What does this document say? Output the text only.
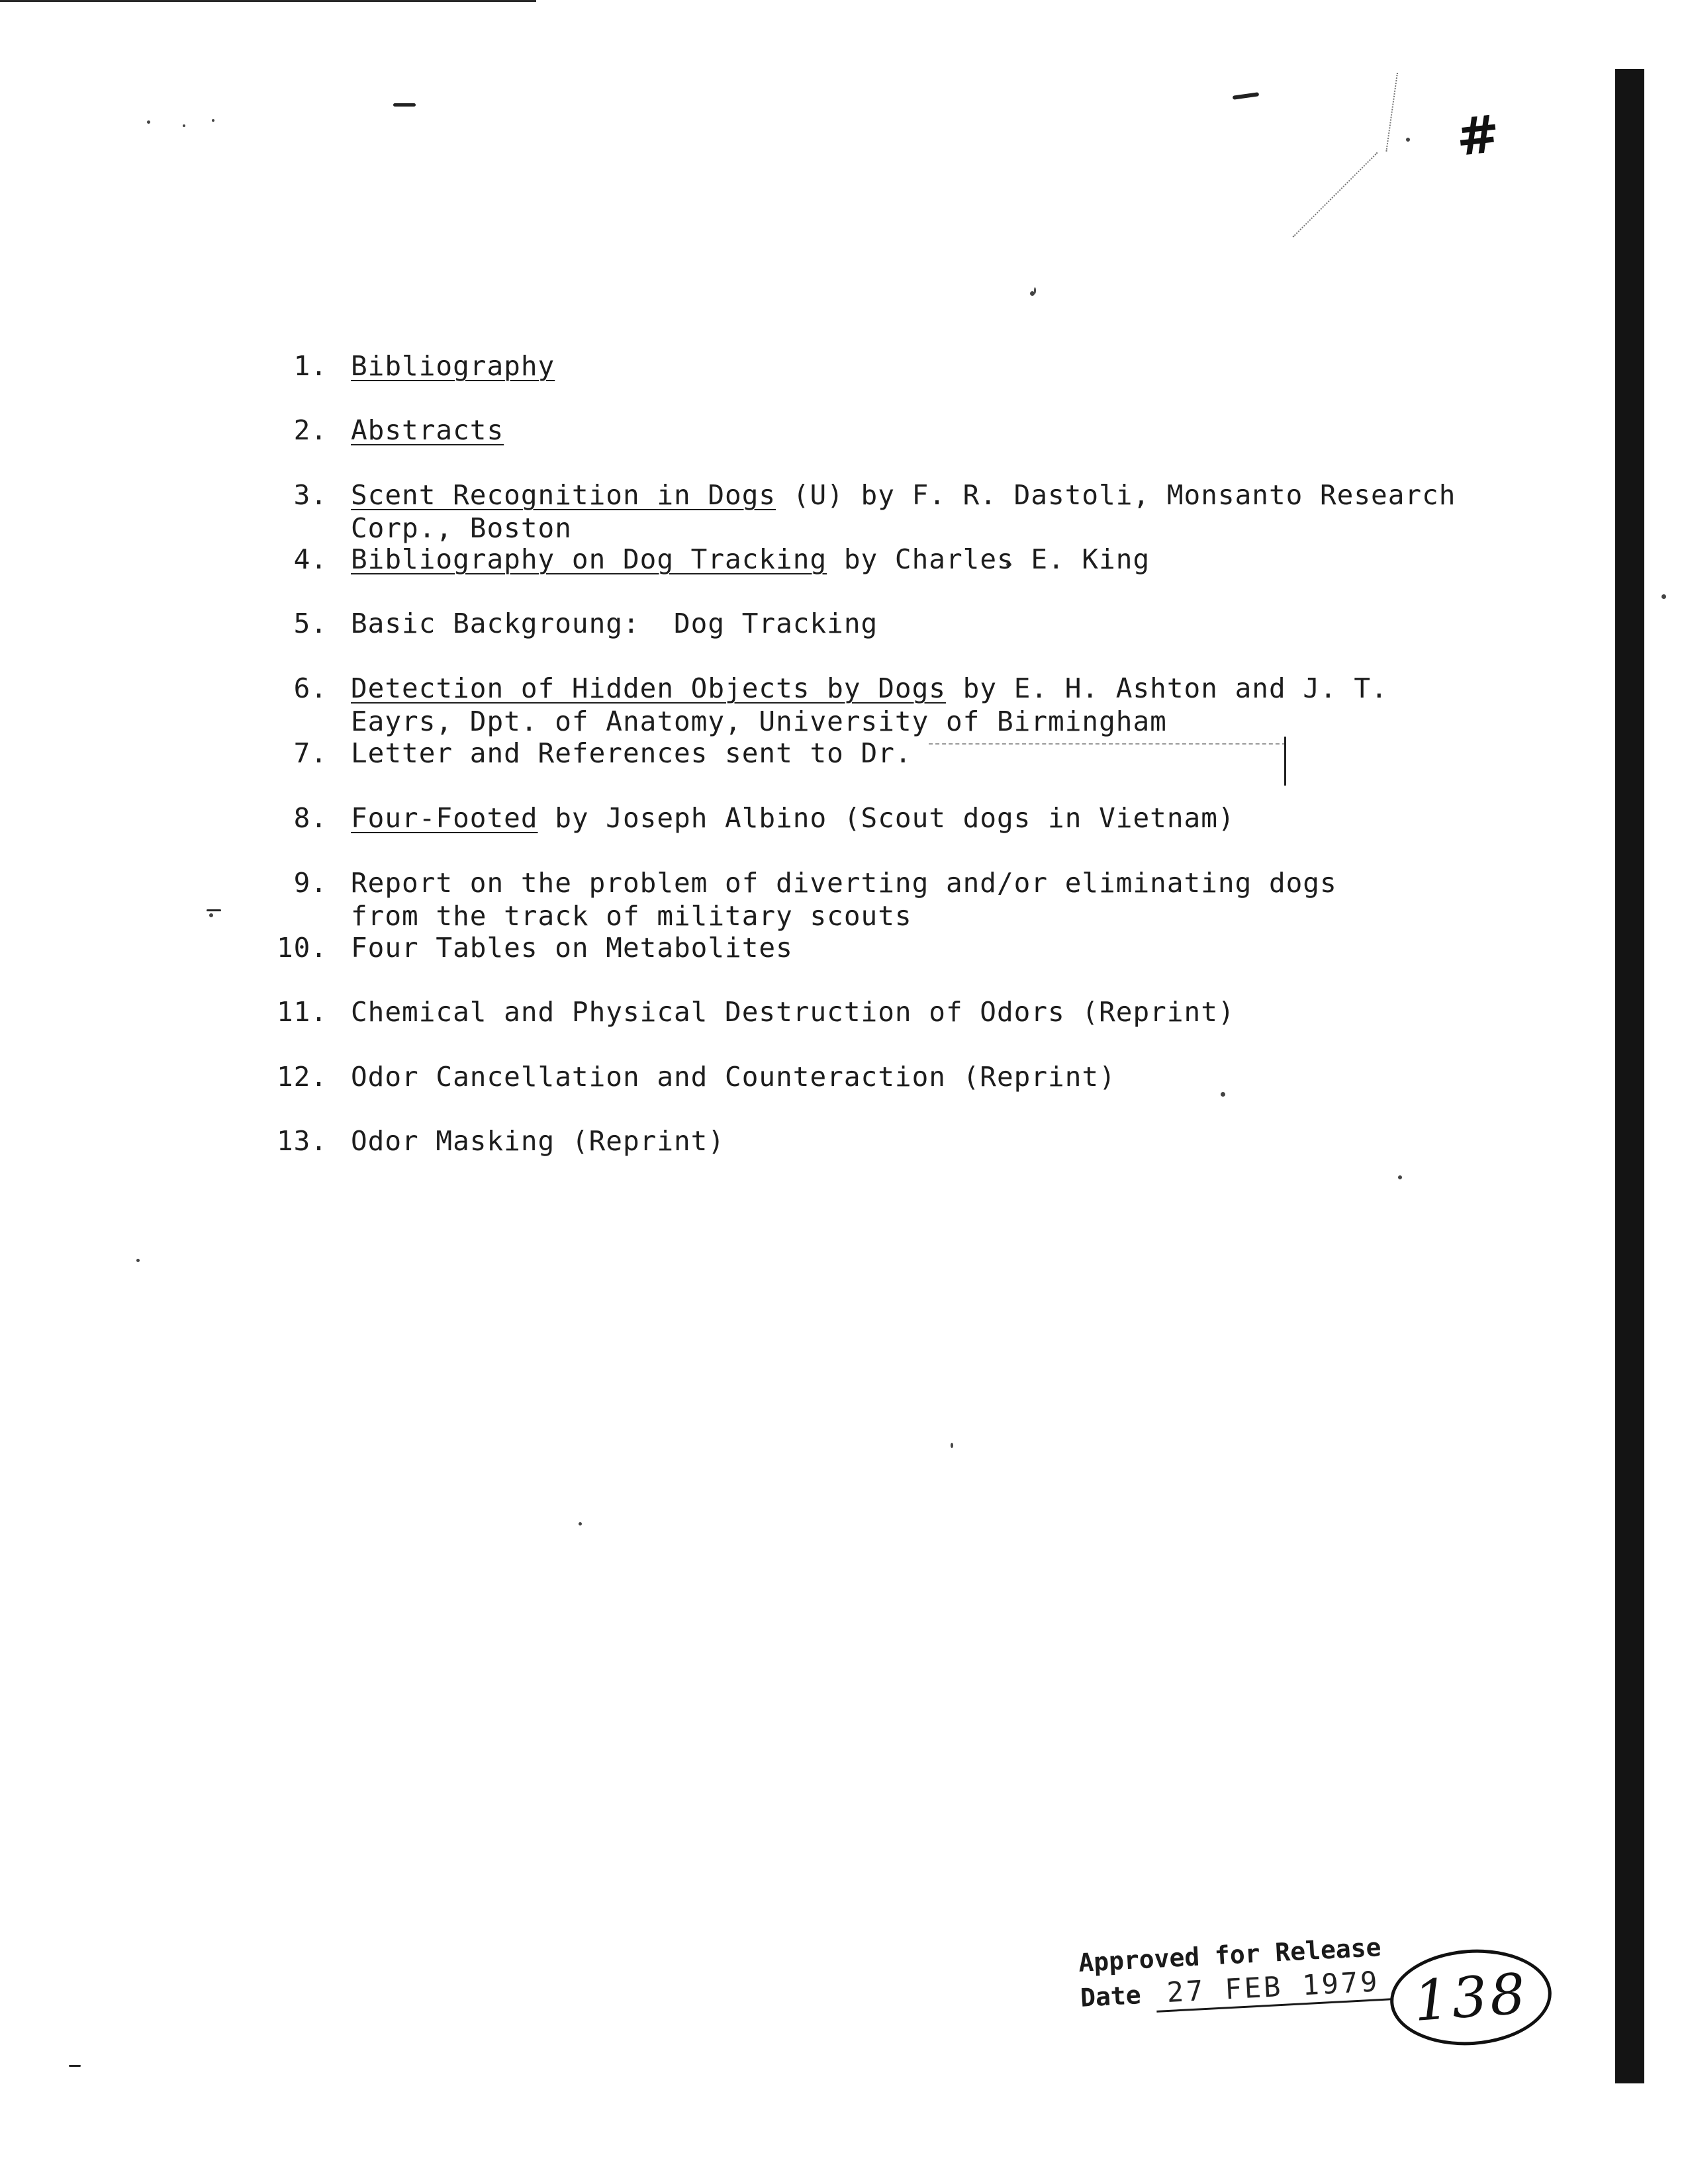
#
1. Bibliography
2. Abstracts
3. Scent Recognition in Dogs (U) by F. R. Dastoli, Monsanto Research
Corp., Boston
4. Bibliography on Dog Tracking by Charles E. King
5. Basic Backgroung:  Dog Tracking
6. Detection of Hidden Objects by Dogs by E. H. Ashton and J. T.
Eayrs, Dpt. of Anatomy, University of Birmingham
7. Letter and References sent to Dr.
8. Four-Footed by Joseph Albino (Scout dogs in Vietnam)
9. Report on the problem of diverting and/or eliminating dogs
from the track of military scouts
10. Four Tables on Metabolites
11. Chemical and Physical Destruction of Odors (Reprint)
12. Odor Cancellation and Counteraction (Reprint)
13. Odor Masking (Reprint)
Approved for Release
Date 27 FEB 1979 138
